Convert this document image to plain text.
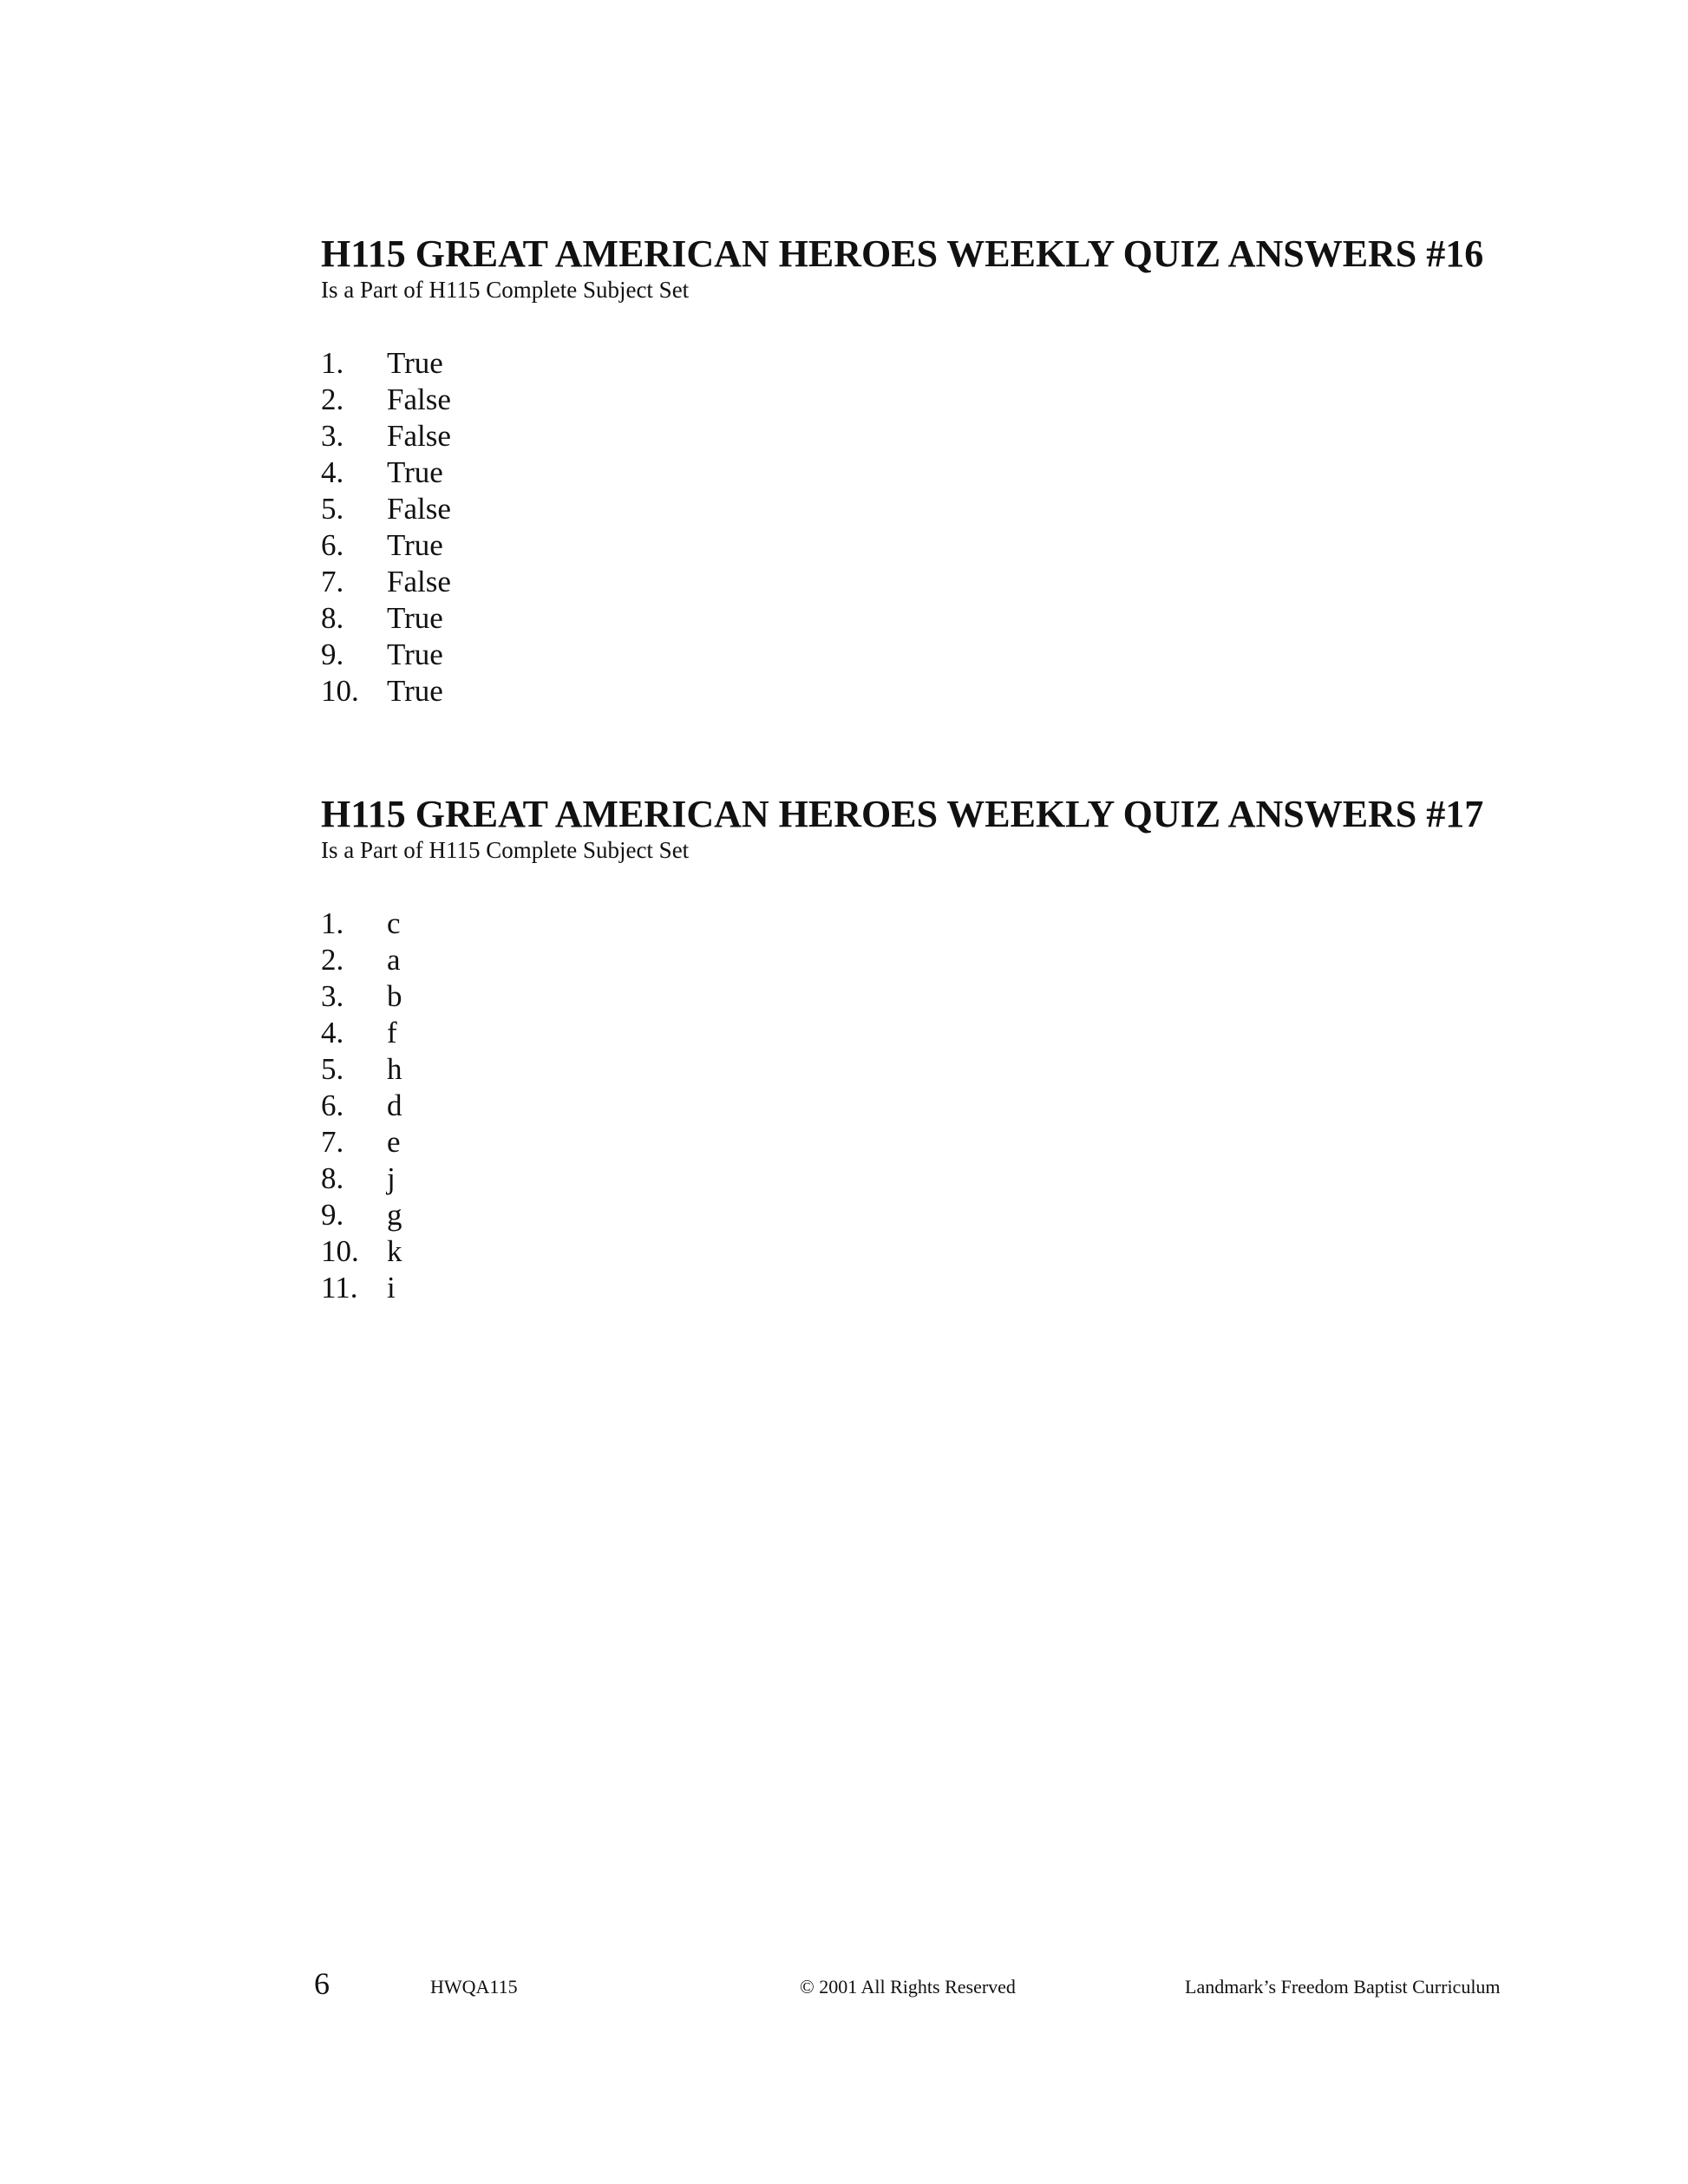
H115 GREAT AMERICAN HEROES WEEKLY QUIZ ANSWERS #16

Is a Part of H115 Complete Subject Set

1. True
2. False
3. False
4. True
5. False
6. True
7. False
8. True
9. True
10. True
H115 GREAT AMERICAN HEROES WEEKLY QUIZ ANSWERS #17

Is a Part of H115 Complete Subject Set

1. c
2. a
3. b
4. f
5. h
6. d
7. e
8. j
9. g
10. k
11. i
6	HWQA115	© 2001 All Rights Reserved	Landmark’s Freedom Baptist Curriculum
